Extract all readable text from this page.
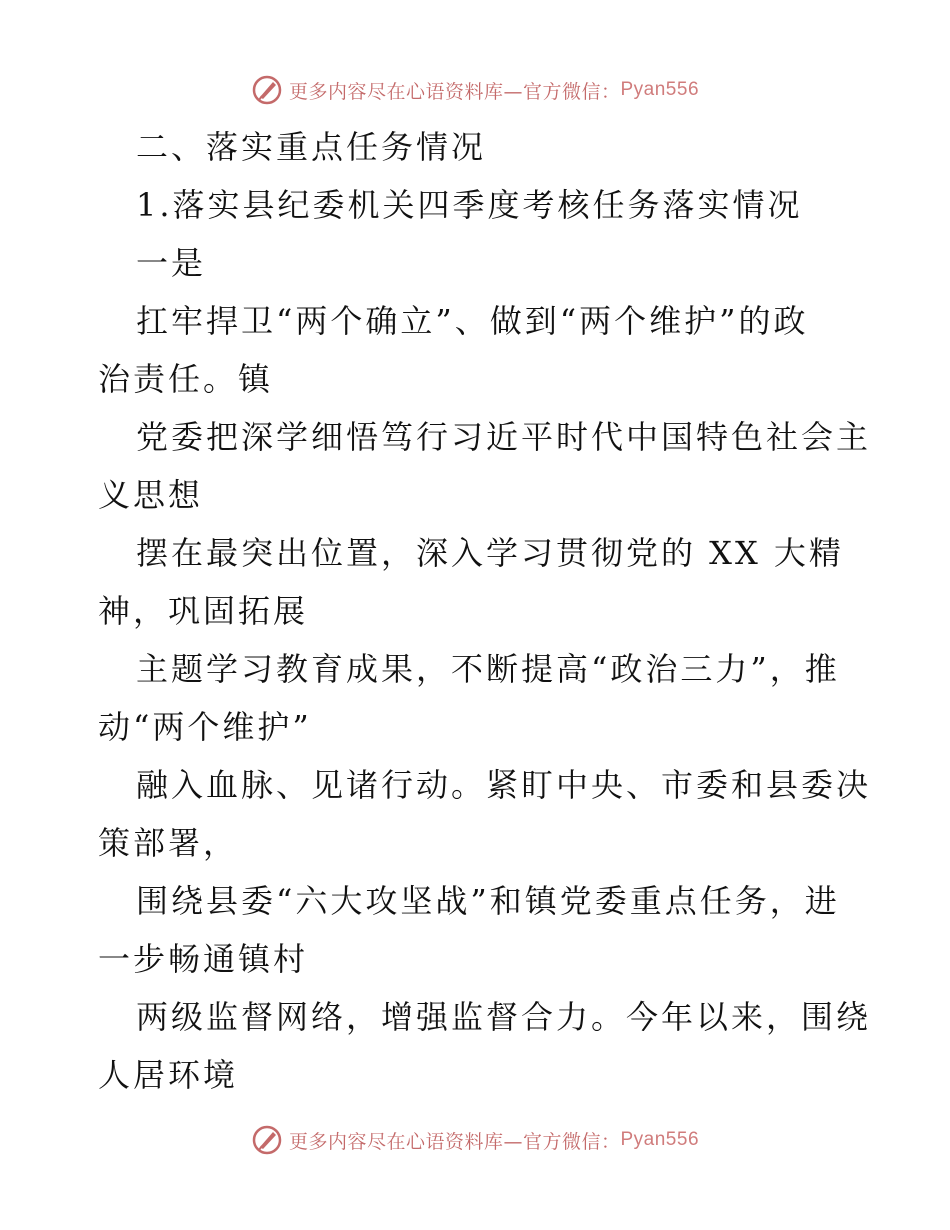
更多内容尽在心语资料库—官方微信： Pyan556
二、落实重点任务情况
1.落实县纪委机关四季度考核任务落实情况
一是
扛牢捍卫“两个确立”、做到“两个维护”的政
治责任。镇
党委把深学细悟笃行习近平时代中国特色社会主
义思想
摆在最突出位置，深入学习贯彻党的 XX 大精
神，巩固拓展
主题学习教育成果，不断提高“政治三力”，推
动“两个维护”
融入血脉、见诸行动。紧盯中央、市委和县委决
策部署，
围绕县委“六大攻坚战”和镇党委重点任务，进
一步畅通镇村
两级监督网络，增强监督合力。今年以来，围绕
人居环境
更多内容尽在心语资料库—官方微信： Pyan556
